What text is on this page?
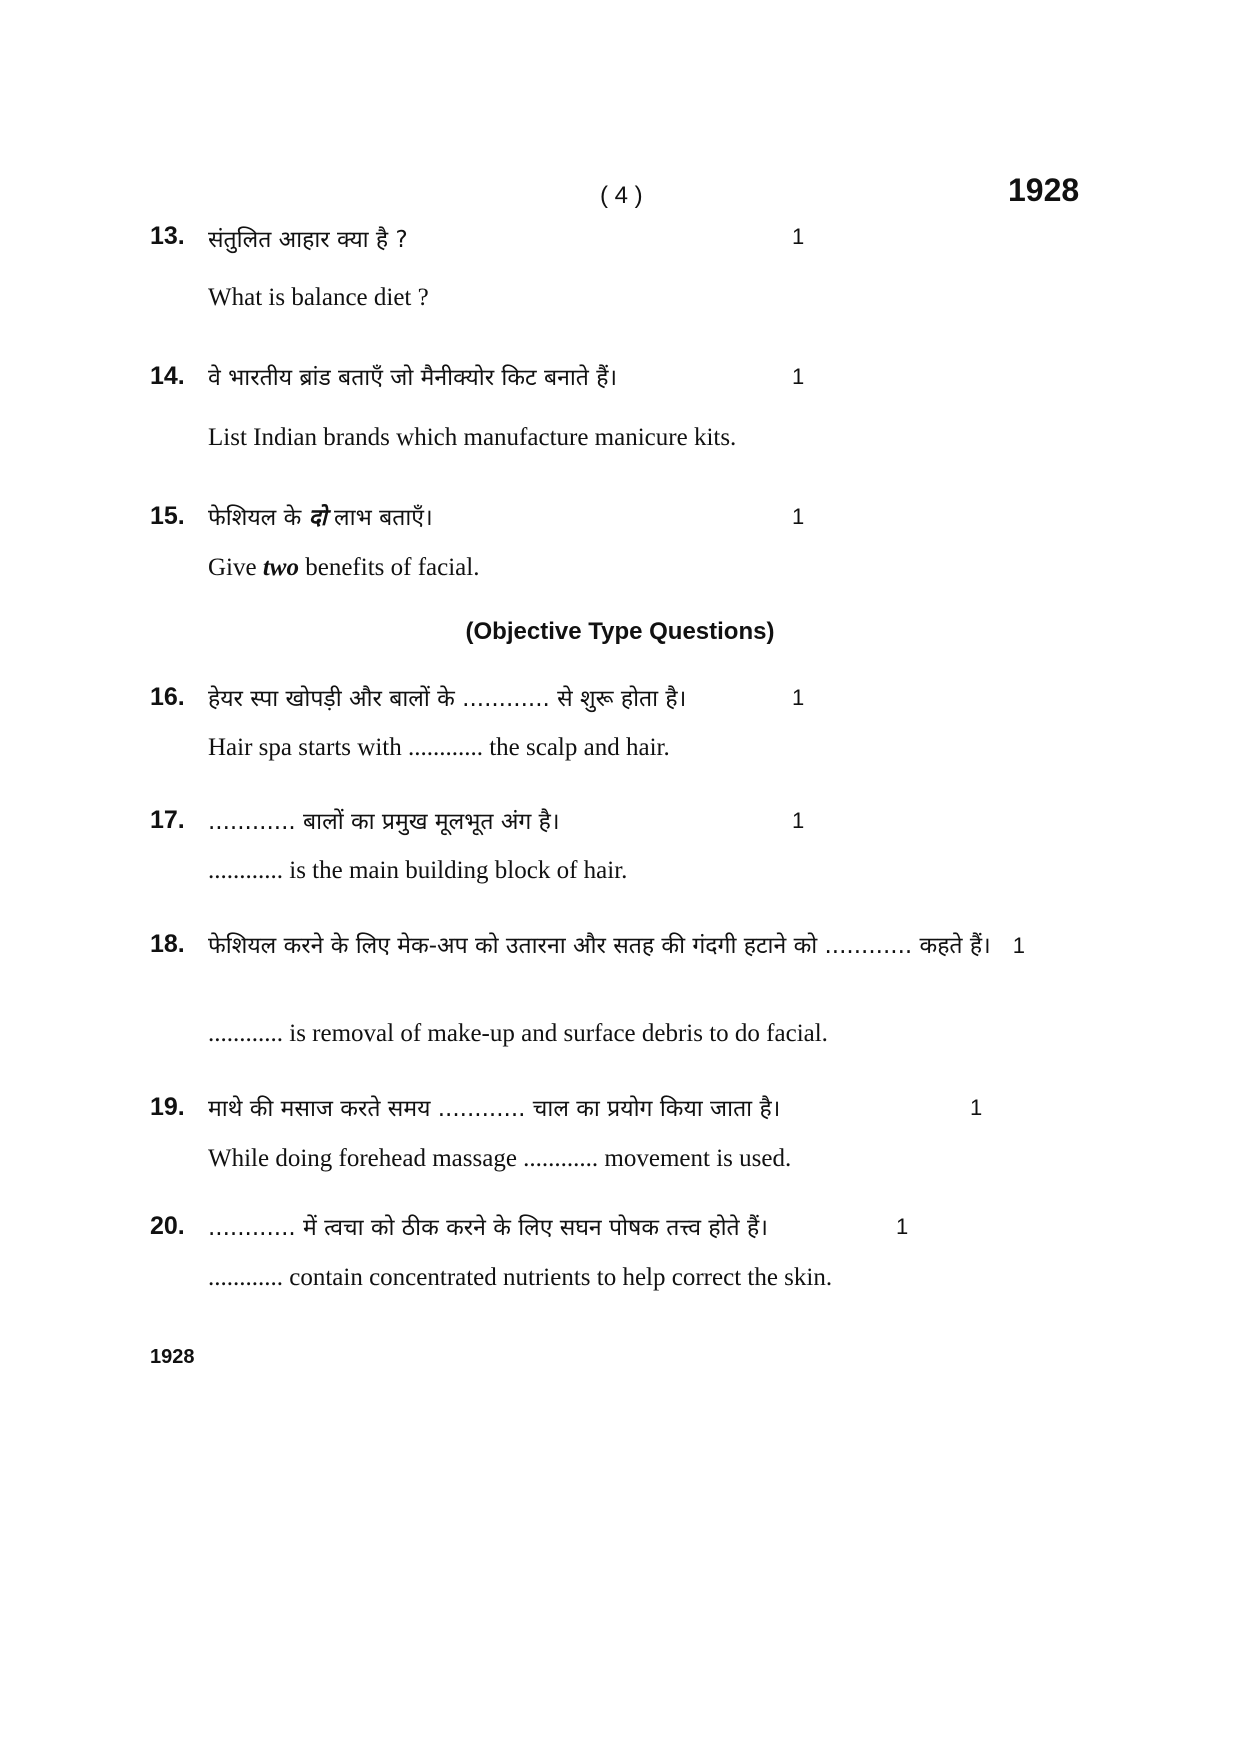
( 4 )	1928
13. संतुलित आहार क्या है ?	1
What is balance diet ?
14. वे भारतीय ब्रांड बताएँ जो मैनीक्योर किट बनाते हैं।	1
List Indian brands which manufacture manicure kits.
15. फेशियल के दो लाभ बताएँ।	1
Give two benefits of facial.
(Objective Type Questions)
16. हेयर स्पा खोपड़ी और बालों के ............ से शुरू होता है।	1
Hair spa starts with ............ the scalp and hair.
17. ............ बालों का प्रमुख मूलभूत अंग है।	1
............ is the main building block of hair.
18. फेशियल करने के लिए मेक-अप को उतारना और सतह की गंदगी हटाने को ............ कहते हैं। 1
............ is removal of make-up and surface debris to do facial.
19. माथे की मसाज करते समय ............ चाल का प्रयोग किया जाता है।	1
While doing forehead massage ............ movement is used.
20. ............ में त्वचा को ठीक करने के लिए सघन पोषक तत्त्व होते हैं।	1
............ contain concentrated nutrients to help correct the skin.
1928
